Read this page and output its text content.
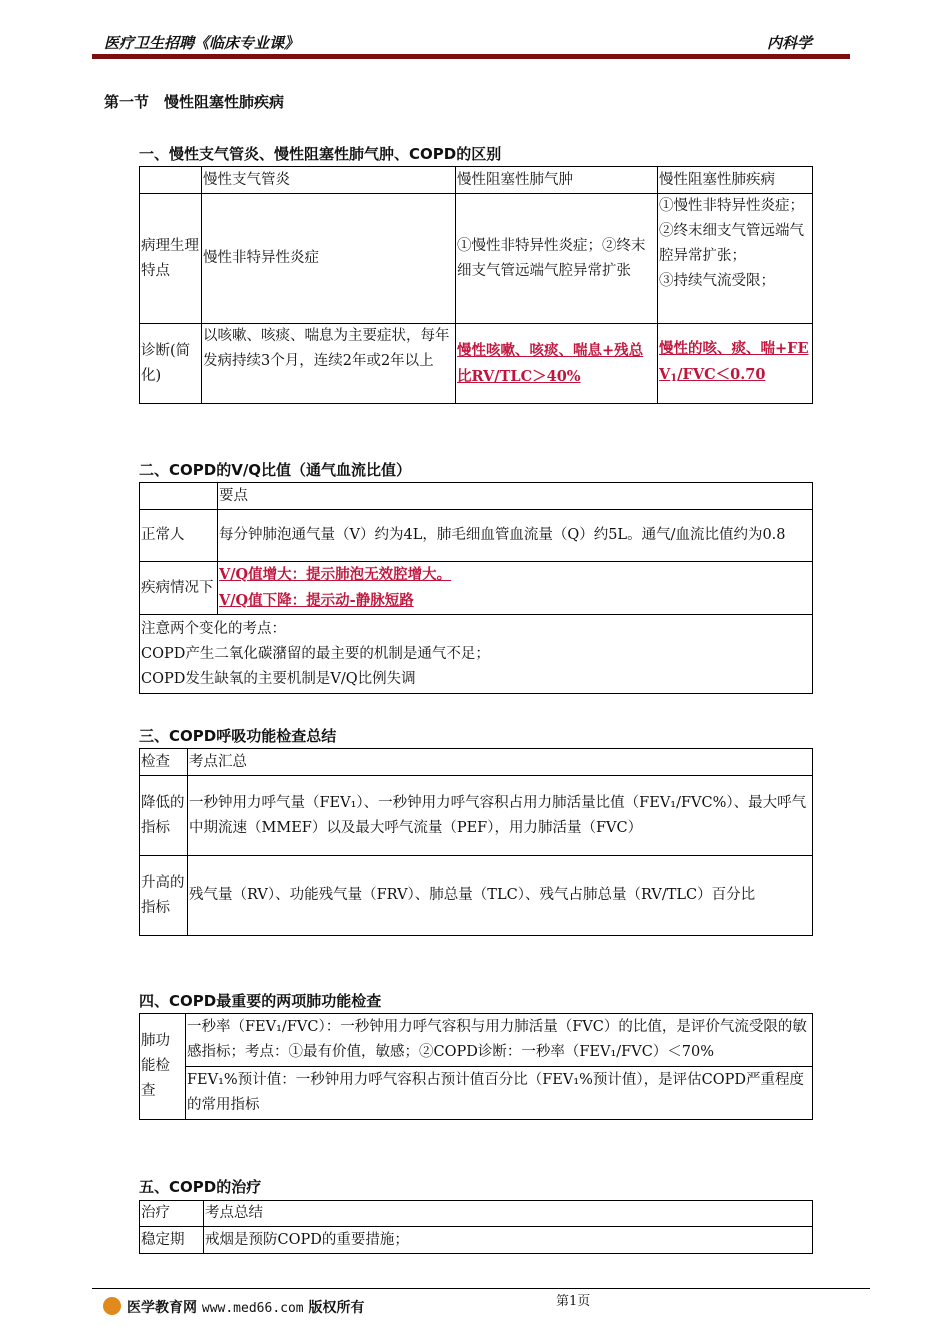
医疗卫生招聘《临床专业课》	内科学
第一节　慢性阻塞性肺疾病
一、慢性支气管炎、慢性阻塞性肺气肿、COPD的区别
	慢性支气管炎	慢性阻塞性肺气肿	慢性阻塞性肺疾病
病理生理特点	慢性非特异性炎症	①慢性非特异性炎症；②终末细支气管远端气腔异常扩张	①慢性非特异性炎症；
②终末细支气管远端气腔异常扩张；
③持续气流受限；

诊断(简化)	以咳嗽、咳痰、喘息为主要症状，每年发病持续3个月，连续2年或2年以上	慢性咳嗽、咳痰、喘息+残总比RV/TLC＞40%	慢性的咳、痰、喘$+FEV_1/FVC<0.70$
二、COPD的V/Q比值（通气血流比值）
	要点
正常人	每分钟肺泡通气量（V）约为4L，肺毛细血管血流量（Q）约5L。通气/血流比值约为0.8
疾病情况下	V/Q值增大：提示肺泡无效腔增大。
V/Q值下降：提示动-静脉短路

注意两个变化的考点：
COPD产生二氧化碳潴留的最主要的机制是通气不足；
COPD发生缺氧的主要机制是V/Q比例失调	
三、COPD呼吸功能检查总结
检查	考点汇总
降低的指标	一秒钟用力呼气量（FEV₁）、一秒钟用力呼气容积占用力肺活量比值（FEV₁/FVC%）、最大呼气中期流速（MMEF）以及最大呼气流量（PEF），用力肺活量（FVC）
升高的指标	残气量（RV）、功能残气量（FRV）、肺总量（TLC）、残气占肺总量（RV/TLC）百分比
四、COPD最重要的两项肺功能检查
肺功能检查	一秒率（FEV₁/FVC）：一秒钟用力呼气容积与用力肺活量（FVC）的比值，是评价气流受限的敏感指标；考点：①最有价值，敏感；②COPD诊断：一秒率（FEV₁/FVC）＜70%
FEV₁%预计值：一秒钟用力呼气容积占预计值百分比（FEV₁%预计值），是评估COPD严重程度的常用指标
五、COPD的治疗
治疗	考点总结
稳定期	戒烟是预防COPD的重要措施；
第1页
医学教育网 www.med66.com 版权所有
